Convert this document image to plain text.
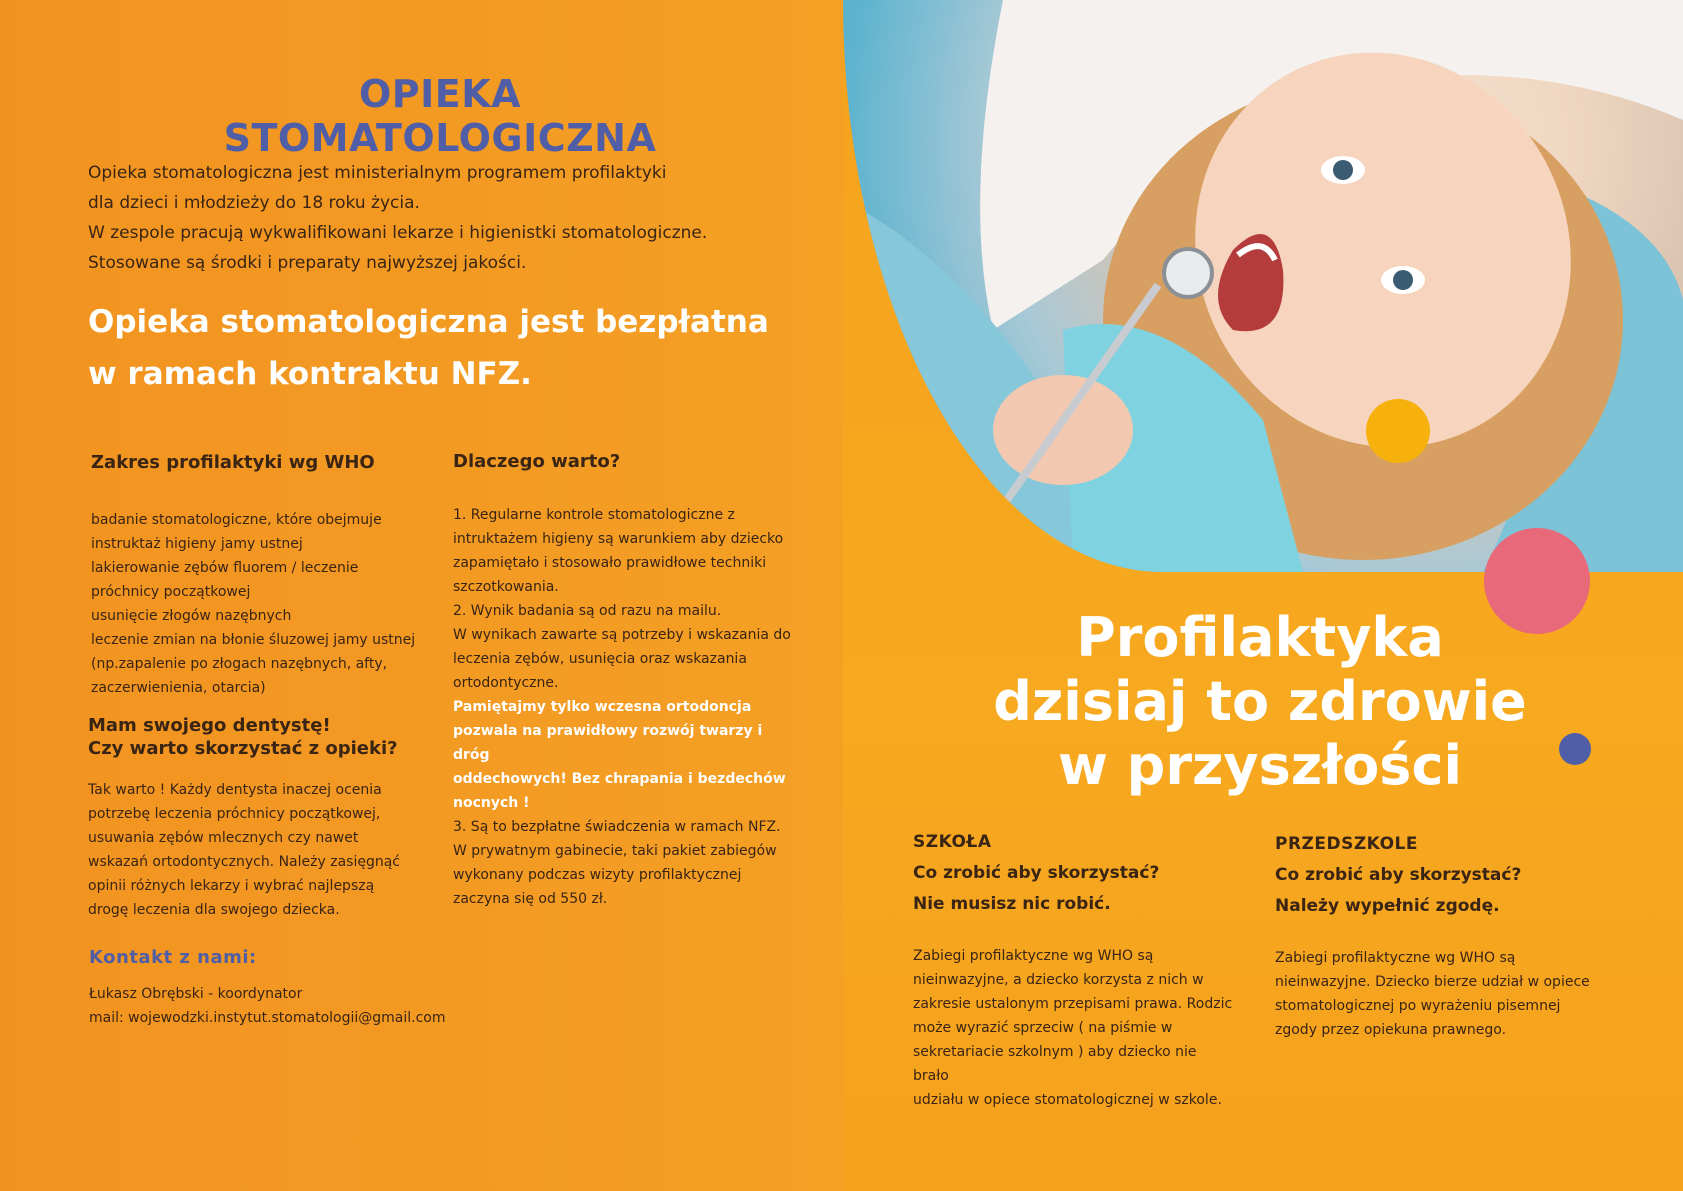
OPIEKA STOMATOLOGICZNA

Opieka stomatologiczna jest ministerialnym programem profilaktyki

dla dzieci i młodzieży do 18 roku życia.

W zespole pracują wykwalifikowani lekarze i higienistki stomatologiczne.

Stosowane są środki i preparaty najwyższej jakości.

Opieka stomatologiczna jest bezpłatna

w ramach kontraktu NFZ.

Zakres profilaktyki wg WHO

badanie stomatologiczne, które obejmuje

instruktaż higieny jamy ustnej

lakierowanie zębów fluorem / leczenie

próchnicy początkowej

usunięcie złogów nazębnych

leczenie zmian na błonie śluzowej jamy ustnej

(np.zapalenie po złogach nazębnych, afty,

zaczerwienienia, otarcia)

Mam swojego dentystę!

Czy warto skorzystać z opieki?

Tak warto ! Każdy dentysta inaczej ocenia

potrzebę leczenia próchnicy początkowej,

usuwania zębów mlecznych czy nawet

wskazań ortodontycznych. Należy zasięgnąć

opinii różnych lekarzy i wybrać najlepszą

drogę leczenia dla swojego dziecka.

Dlaczego warto?

1. Regularne kontrole stomatologiczne z

intruktażem higieny są warunkiem aby dziecko

zapamiętało i stosowało prawidłowe techniki

szczotkowania.

2. Wynik badania są od razu na mailu.

W wynikach zawarte są potrzeby i wskazania do

leczenia zębów, usunięcia oraz wskazania

ortodontyczne.

Pamiętajmy tylko wczesna ortodoncja

pozwala na prawidłowy rozwój twarzy i dróg

oddechowych! Bez chrapania i bezdechów

nocnych !

3. Są to bezpłatne świadczenia w ramach NFZ.

W prywatnym gabinecie, taki pakiet zabiegów

wykonany podczas wizyty profilaktycznej

zaczyna się od 550 zł.

Kontakt z nami:

Łukasz Obrębski - koordynator

mail: wojewodzki.instytut.stomatologii@gmail.com

Profilaktyka

dzisiaj to zdrowie

w przyszłości

SZKOŁA

Co zrobić aby skorzystać?

Nie musisz nic robić.

Zabiegi profilaktyczne wg WHO są

nieinwazyjne, a dziecko korzysta z nich w

zakresie ustalonym przepisami prawa. Rodzic

może wyrazić sprzeciw ( na piśmie w

sekretariacie szkolnym ) aby dziecko nie brało

udziału w opiece stomatologicznej w szkole.

PRZEDSZKOLE

Co zrobić aby skorzystać?

Należy wypełnić zgodę.

Zabiegi profilaktyczne wg WHO są

nieinwazyjne. Dziecko bierze udział w opiece

stomatologicznej po wyrażeniu pisemnej

zgody przez opiekuna prawnego.
